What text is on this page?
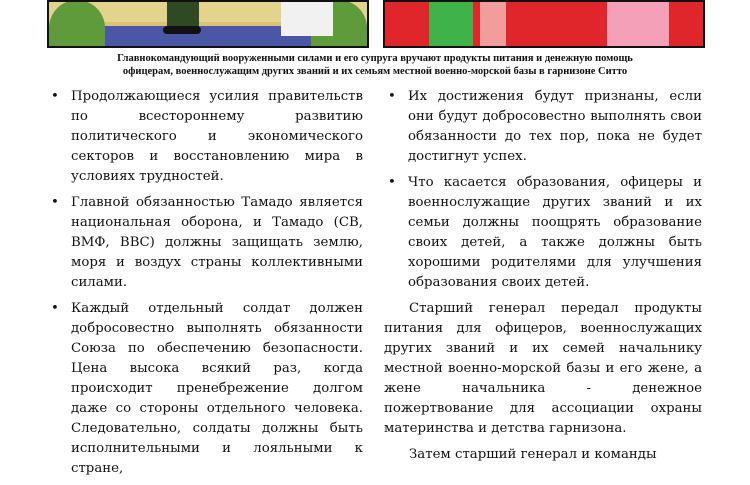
Главнокомандующий вооруженными силами и его супруга вручают продукты питания и денежную помощь
офицерам, военнослужащим других званий и их семьям местной военно-морской базы в гарнизоне Ситто
• Продолжающиеся усилия правительств по всестороннему развитию политического и экономического секторов и восстановлению мира в условиях трудностей.
• Главной обязанностью Тамадо является национальная оборона, и Тамадо (СВ, ВМФ, ВВС) должны защищать землю, моря и воздух страны коллективными силами.
• Каждый отдельный солдат должен добросовестно выполнять обязанности Союза по обеспечению безопасности. Цена высока всякий раз, когда происходит пренебрежение долгом даже со стороны отдельного человека. Следовательно, солдаты должны быть исполнительными и лояльными к стране,
• Их достижения будут признаны, если они будут добросовестно выполнять свои обязанности до тех пор, пока не будет достигнут успех.
• Что касается образования, офицеры и военнослужащие других званий и их семьи должны поощрять образование своих детей, а также должны быть хорошими родителями для улучшения образования своих детей.

Старший генерал передал продукты питания для офицеров, военнослужащих других званий и их семей начальнику местной военно-морской базы и его жене, а жене начальника - денежное пожертвование для ассоциации охраны материнства и детства гарнизона.

Затем старший генерал и команды
